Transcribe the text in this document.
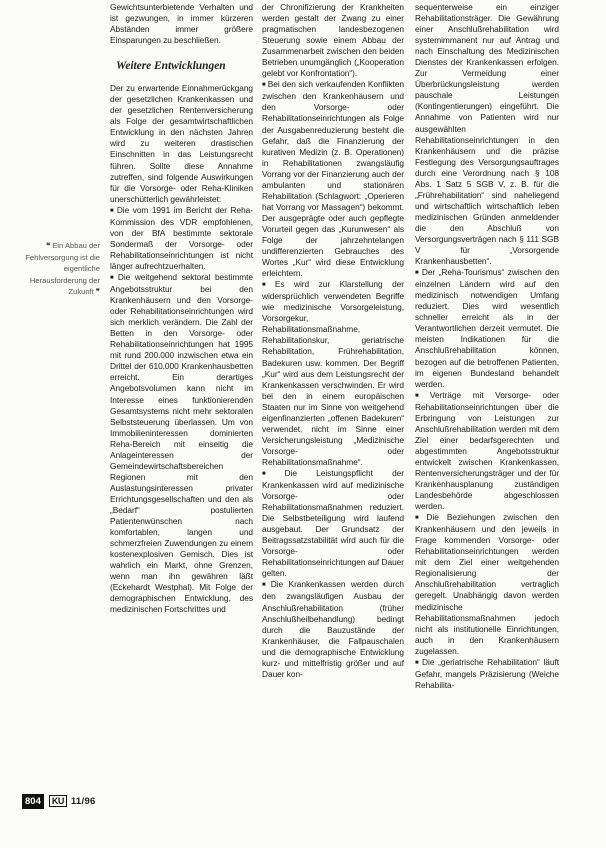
❝ Ein Abbau der Fehlversorgung ist die eigentliche Herausforderung der Zukunft ❞

Gewichtsunterbietende Verhalten und ist gezwungen, in immer kürzeren Abständen immer größere Einsparungen zu beschließen.

Weitere Entwicklungen

Der zu erwartende Einnahmerückgang der gesetzlichen Krankenkassen und der gesetzlichen Rentenversicherung als Folge der gesamtwirtschaftlichen Entwicklung in den nächsten Jahren wird zu weiteren drastischen Einschnitten in das Leistungsrecht führen. Sollte diese Annahme zutreffen, sind folgende Auswirkungen für die Vorsorge- oder Reha-Kliniken unerschütterlich gewährleistet:

■ Die vom 1991 im Bericht der Reha-Kommission des VDR empfohlenen, von der BfA bestimmte sektorale Sondermaß der Vorsorge- oder Rehabilitationseinrichtungen ist nicht länger aufrechtzuerhalten.

■ Die weitgehend sektoral bestimmte Angebotsstruktur bei den Krankenhäusern und den Vorsorge- oder Rehabilitationseinrichtungen wird sich merklich verändern. Die Zahl der Betten in den Vorsorge- oder Rehabilitationseinrichtungen hat 1995 mit rund 200.000 inzwischen etwa ein Drittel der 610.000 Krankenhausbetten erreicht. Ein derartiges Angebotsvolumen kann nicht im Interesse eines funktionierenden Gesamtsystems nicht mehr sektoralen Selbststeuerung überlassen. Um von Immobilieninteressen dominierten Reha-Bereich mit einseitig die Anlageinteressen der Gemeindewirtschaftsbereichen Regionen mit den Auslastungsinteressen privater Errichtungsgesellschaften und den als „Bedarf“ postulierten Patientenwünschen nach komfortablen, langen und schmerzfreien Zuwendungen zu einem kostenexplosiven Gemisch. Dies ist wahrlich ein Markt, ohne Grenzen, wenn man ihn gewähren läßt (Eckehardt Westphal). Mit Folge der demographischen Entwicklung, des medizinischen Fortschrittes und

der Chronifizierung der Krankheiten werden gestalt der Zwang zu einer pragmatischen landesbezogenen Steuerung sowie einem Abbau der Zusammenarbeit zwischen den beiden Betrieben unumgänglich („Kooperation gelebt vor Konfrontation“).

■ Bei den sich verkaufenden Konflikten zwischen den Krankenhäusern und den Vorsorge- oder Rehabilitationseinrichtungen als Folge der Ausgabenreduzierung besteht die Gefahr, daß die Finanzierung der kurativen Medizin (z. B. Operationen) in Rehabilitationen zwangsläufig Vorrang vor der Finanzierung auch der ambulanten und stationären Rehabilitation (Schlagwort: „Operieren hat Vorrang vor Massagen“) bekommt. Der ausgeprägte oder auch gepflegte Vorurteil gegen das „Kurunwesen“ als Folge der jahrzehntelangen undifferenzierten Gebrauches des Wortes „Kur“ wird diese Entwicklung erleichtern.

■ Es wird zur Klarstellung der widersprüchlich verwendeten Begriffe wie medizinische Vorsorgeleistung, Vorsorgekur, Rehabilitationsmaßnahme, Rehabilitationskur, geriatrische Rehabilitation, Frührehabilitation, Badekuren usw. kommen. Der Begriff „Kur“ wird aus dem Leistungsrecht der Krankenkassen verschwinden. Er wird bei den in einem europäischen Staaten nur im Sinne von weitgehend eigenfinanzierten „offenen Badekuren“ verwendet, nicht im Sinne einer Versicherungsleistung „Medizinische Vorsorge- oder Rehabilitationsmaßnahme“.

■ Die Leistungspflicht der Krankenkassen wird auf medizinische Vorsorge- oder Rehabilitationsmaßnahmen reduziert. Die Selbstbeteiligung wird laufend ausgebaut. Der Grundsatz der Beitragssatzstabilität wird auch für die Vorsorge- oder Rehabilitationseinrichtungen auf Dauer gelten.

■ Die Krankenkassen werden durch den zwangsläufigen Ausbau der Anschlußrehabilitation (früher Anschlußheilbehandlung) bedingt durch die Bauzustände der Krankenhäuser, die Fallpauschalen und die demographische Entwicklung kurz- und mittelfristig größer und auf Dauer kon-

sequenterweise ein einziger Rehabilitationsträger. Die Gewährung einer Anschlußrehabilitation wird systemimmanent nur auf Antrag und nach Einschaltung des Medizinischen Dienstes der Krankenkassen erfolgen. Zur Vermeidung einer Überbrückungsleistung werden pauschale Leistungen (Kontingentierungen) eingeführt. Die Annahme von Patienten wird nur ausgewählten Rehabilitationseinrichtungen in den Krankenhäusern und die präzise Festlegung des Versorgungsauftrages durch eine Verordnung nach § 108 Abs. 1 Satz 5 SGB V, z. B. für die „Frührehabilitation“ sind naheliegend und wirtschaftlich wirtschaftlich leben medizinischen Gründen anmeldender die den Abschluß von Versorgungsverträgen nach § 111 SGB V für „Vorsorgende Krankenhausbetten“.

■ Der „Reha-Tourismus“ zwischen den einzelnen Ländern wird auf den medizinisch notwendigen Umfang reduziert. Dies wird wesentlich schneller erreicht als in der Verantwortlichen derzeit vermutet. Die meisten Indikationen für die Anschlußrehabilitation können, bezogen auf die betroffenen Patienten, im eigenen Bundesland behandelt werden.

■ Verträge mit Vorsorge- oder Rehabilitationseinrichtungen über die Erbringung von Leistungen zur Anschlußrehabilitation werden mit dem Ziel einer bedarfsgerechten und abgestimmten Angebotsstruktur entwickelt zwischen Krankenkassen, Rentenversicherungsträger und der für Krankenhausplanung zuständigen Landesbehörde abgeschlossen werden.

■ Die Beziehungen zwischen den Krankenhäusern und den jeweils in Frage kommenden Vorsorge- oder Rehabilitationseinrichtungen werden mit dem Ziel einer weitgehenden Regionalisierung der Anschlußrehabilitation vertraglich geregelt. Unabhängig davon werden medizinische Rehabilitationsmaßnahmen jedoch nicht als institutionelle Einrichtungen, auch in den Krankenhäusern zugelassen.

■ Die „geriatrische Rehabilitation“ läuft Gefahr, mangels Präzisierung (Weiche Rehabilita-

804	KU 11/96
